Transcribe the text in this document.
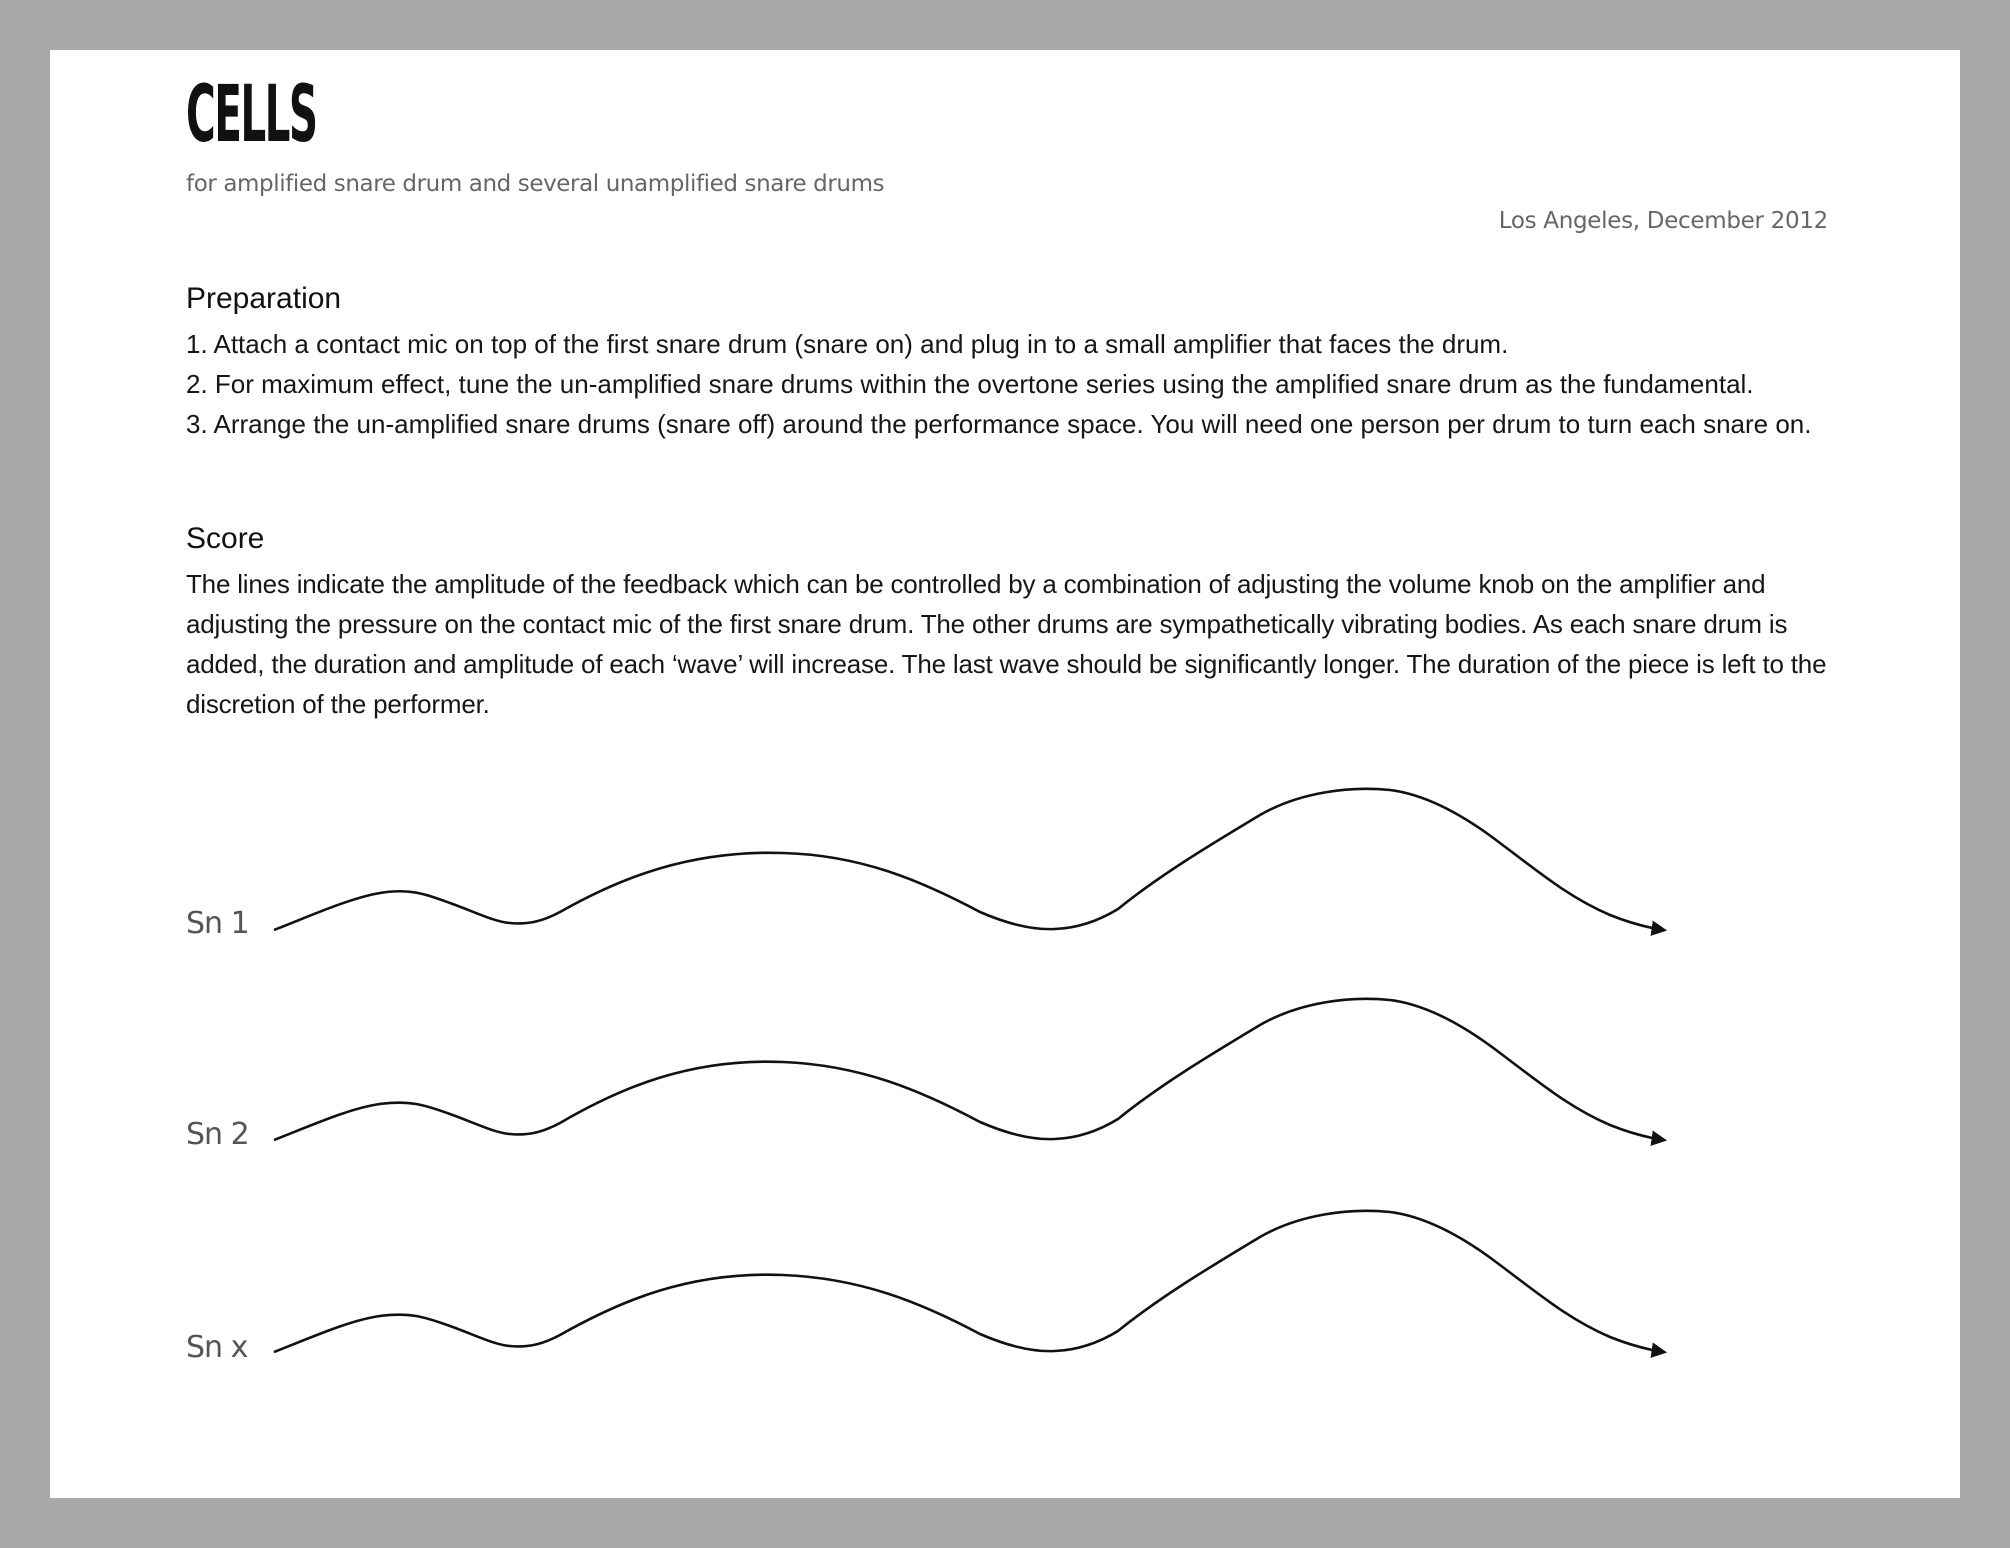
CELLS
for amplified snare drum and several unamplified snare drums
Los Angeles, December 2012
Preparation
1. Attach a contact mic on top of the first snare drum (snare on) and plug in to a small amplifier that faces the drum.
2. For maximum effect, tune the un-amplified snare drums within the overtone series using the amplified snare drum as the fundamental.
3. Arrange the un-amplified snare drums (snare off) around the performance space. You will need one person per drum to turn each snare on.
Score

The lines indicate the amplitude of the feedback which can be controlled by a combination of adjusting the volume knob on the amplifier and adjusting the pressure on the contact mic of the first snare drum. The other drums are sympathetically vibrating bodies. As each snare drum is added, the duration and amplitude of each ‘wave’ will increase. The last wave should be significantly longer. The duration of the piece is left to the discretion of the performer.

Sn 1
Sn 2
Sn x
